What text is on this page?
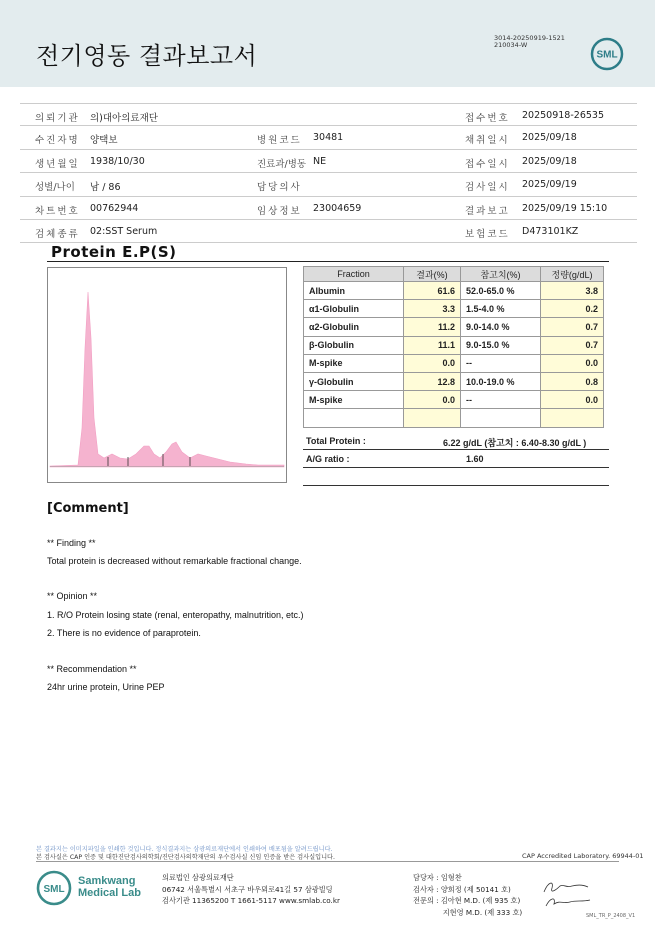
전기영동 결과보고서
3014-20250919-1521
210034-W
SML
의뢰기관 의)대아의료재단	접수번호 20250918-26535
수진자명 양택보	병원코드 30481	채취일시 2025/09/18
생년월일 1938/10/30	진료과/병동 NE	접수일시 2025/09/18
성별/나이 남 / 86	담당의사	검사일시 2025/09/19
차트번호 00762944	임상정보 23004659	결과보고 2025/09/19 15:10
검체종류 02:SST Serum	보험코드 D473101KZ
Protein E.P(S)
Fraction	결과(%)	참고치(%)	정량(g/dL)
Albumin	61.6	52.0-65.0 %	3.8
α1-Globulin	3.3	1.5-4.0 %	0.2
α2-Globulin	11.2	9.0-14.0 %	0.7
β-Globulin	11.1	9.0-15.0 %	0.7
M-spike	0.0	--	0.0
γ-Globulin	12.8	10.0-19.0 %	0.8
M-spike	0.0	--	0.0

Total Protein :	6.22 g/dL (참고치 : 6.40-8.30 g/dL )
A/G ratio :	1.60
[Comment]
** Finding **
Total protein is decreased without remarkable fractional change.
** Opinion **
1. R/O Protein losing state (renal, enteropathy, malnutrition, etc.)
2. There is no evidence of paraprotein.
** Recommendation **
24hr urine protein, Urine PEP
본 결과지는 이미지파일을 인쇄한 것입니다. 정식결과지는 삼광의료재단에서 인쇄하여 배포됨을 알려드립니다.
본 검사실은 CAP 인증 및 대한진단검사의학회/진단검사의학재단의 우수검사실 신임 인증을 받은 검사실입니다.	CAP Accredited Laboratory. 69944-01
SML
Samkwang
Medical Lab
의료법인 삼광의료재단
06742 서울특별시 서초구 바우뫼로41길 57 삼광빌딩
검사기관 11365200 T 1661-5117 www.smlab.co.kr
담당자 : 임형찬
검사자 : 양희정 (제 50141 호)
전문의 : 김아현 M.D. (제 935 호)
지현영 M.D. (제 333 호)	SML_TR_P_2408_V1
